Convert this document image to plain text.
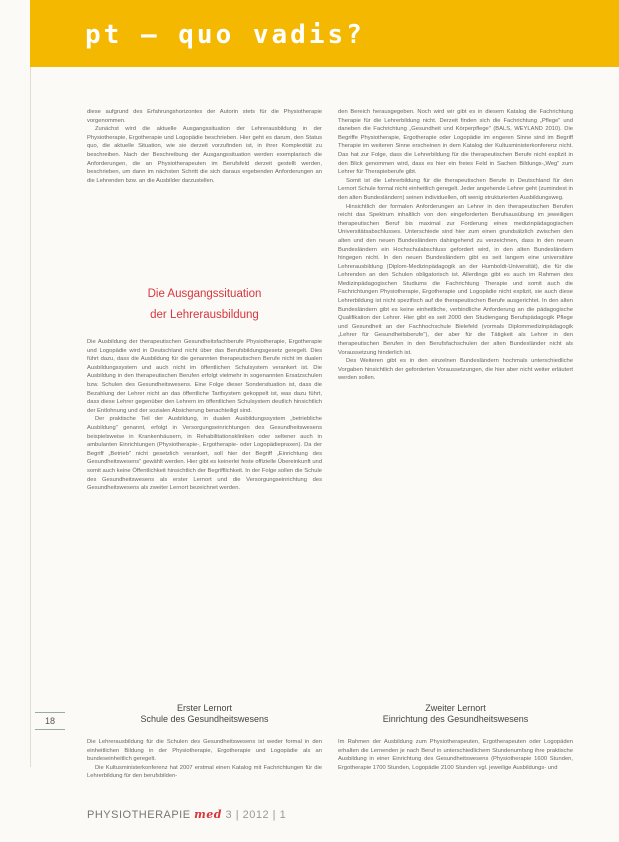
pt – quo vadis?

diese aufgrund des Erfahrungshorizontes der Autorin stets für die Physiotherapie vorgenommen.

Zunächst wird die aktuelle Ausgangssituation der Lehrerausbildung in der Physiotherapie, Ergotherapie und Logopädie beschrieben. Hier geht es darum, den Status quo, die aktuelle Situation, wie sie derzeit vorzufinden ist, in ihrer Komplexität zu beschreiben. Nach der Beschreibung der Ausgangssituation werden exemplarisch die Anforderungen, die an Physiotherapeuten im Berufsfeld derzeit gestellt werden, beschrieben, um dann im nächsten Schritt die sich daraus ergebenden Anforderungen an die Lehrenden bzw. an die Ausbilder darzustellen.

Die Ausgangssituation
der Lehrerausbildung

Die Ausbildung der therapeutischen Gesundheitsfachberufe Physiotherapie, Ergotherapie und Logopädie wird in Deutschland nicht über das Berufsbildungsgesetz geregelt. Dies führt dazu, dass die Ausbildung für die genannten therapeutischen Berufe nicht im dualen Ausbildungssystem und auch nicht im öffentlichen Schulsystem verankert ist. Die Ausbildung in den therapeutischen Berufen erfolgt vielmehr in sogenannten Ersatzschulen bzw. Schulen des Gesundheitswesens. Eine Folge dieser Sondersituation ist, dass die Bezahlung der Lehrer nicht an das öffentliche Tarifsystem gekoppelt ist, was dazu führt, dass diese Lehrer gegenüber den Lehrern im öffentlichen Schulsystem deutlich hinsichtlich der Entlohnung und der sozialen Absicherung benachteiligt sind.

Der praktische Teil der Ausbildung, in dualen Ausbildungssystem „betriebliche Ausbildung" genannt, erfolgt in Versorgungseinrichtungen des Gesundheitswesens beispielsweise in Krankenhäusern, in Rehabilitationskliniken oder seltener auch in ambulanten Einrichtungen (Physiotherapie-, Ergotherapie- oder Logopädiepraxen). Da der Begriff „Betrieb" nicht gesetzlich verankert, soll hier der Begriff „Einrichtung des Gesundheitswesens" gewählt werden. Hier gibt es keinerlei feste offizielle Übereinkunft und somit auch keine Öffentlichkeit hinsichtlich der Begrifflichkeit. In der Folge sollen die Schule des Gesundheitswesens als erster Lernort und die Versorgungseinrichtung des Gesundheitswesens als zweiter Lernort bezeichnet werden.

den Bereich herausgegeben. Noch wird wir gibt es in diesem Katalog die Fachrichtung Therapie für die Lehrerbildung nicht. Derzeit finden sich die Fachrichtung „Pflege" und daneben die Fachrichtung „Gesundheit und Körperpflege" (BALS, WEYLAND 2010). Die Begriffe Physiotherapie, Ergotherapie oder Logopädie im engeren Sinne sind im Begriff Therapie im weiteren Sinne erscheinen in dem Katalog der Kultusministerkonferenz nicht. Das hat zur Folge, dass die Lehrerbildung für die therapeutischen Berufe nicht explizit in den Blick genommen wird, dass es hier ein freies Feld in Sachen Bildungs-„Weg" zum Lehrer für Therapieberufe gibt.

Somit ist die Lehrerbildung für die therapeutischen Berufe in Deutschland für den Lernort Schule formal nicht einheitlich geregelt. Jeder angehende Lehrer geht (zumindest in den alten Bundesländern) seinen individuellen, oft wenig strukturierten Ausbildungsweg.

Hinsichtlich der formalen Anforderungen an Lehrer in den therapeutischen Berufen reicht das Spektrum inhaltlich von den eingeforderten Berufsausübung im jeweiligen therapeutischen Beruf bis maximal zur Forderung eines medizinpädagogischen Universitätsabschlusses. Unterschiede sind hier zum einen grundsätzlich zwischen den alten und den neuen Bundesländern dahingehend zu verzeichnen, dass in den neuen Bundesländern ein Hochschulabschluss gefordert wird, in den alten Bundesländern hingegen nicht. In den neuen Bundesländern gibt es seit langem eine universitäre Lehrerausbildung (Diplom-Medizinpädagogik an der Humboldt-Universität), die für die Lehrenden an den Schulen obligatorisch ist. Allerdings gibt es auch im Rahmen des Medizinpädagogischen Studiums die Fachrichtung Therapie und somit auch die Fachrichtungen Physiotherapie, Ergotherapie und Logopädie nicht explizit, sie auch diese Lehrerbildung ist nicht spezifisch auf die therapeutischen Berufe ausgerichtet. In den alten Bundesländern gibt es keine einheitliche, verbindliche Anforderung an die pädagogische Qualifikation der Lehrer. Hier gibt es seit 2000 den Studiengang Berufspädagogik Pflege und Gesundheit an der Fachhochschule Bielefeld (vormals Diplommedizinpädagogik „Lehrer für Gesundheitsberufe"), der aber für die Tätigkeit als Lehrer in den therapeutischen Berufen in den Berufsfachschulen der alten Bundesländer nicht als Voraussetzung hinderlich ist.

Des Weiteren gibt es in den einzelnen Bundesländern hochmals unterschiedliche Vorgaben hinsichtlich der geforderten Voraussetzungen, die hier aber nicht weiter erläutert werden sollen.

Erster Lernort
Schule des Gesundheitswesens
Zweiter Lernort
Einrichtung des Gesundheitswesens
18

Die Lehrerausbildung für die Schulen des Gesundheitswesens ist weder formal in den einheitlichen Bildung in der Physiotherapie, Ergotherapie und Logopädie als an bundeseinheitlich geregelt.

Die Kultusministerkonferenz hat 2007 erstmal einen Katalog mit Fachrichtungen für die Lehrerbildung für den berufsbilden-

Im Rahmen der Ausbildung zum Physiotherapeuten, Ergotherapeuten oder Logopäden erhalten die Lernenden je nach Beruf in unterschiedlichem Stundenumfang ihre praktische Ausbildung in einer Einrichtung des Gesundheitswesens (Physiotherapie 1600 Stunden, Ergotherapie 1700 Stunden, Logopädie 2100 Stunden vgl. jeweilige Ausbildungs- und

PHYSIOTHERAPIE med 3 | 2012 | 1
